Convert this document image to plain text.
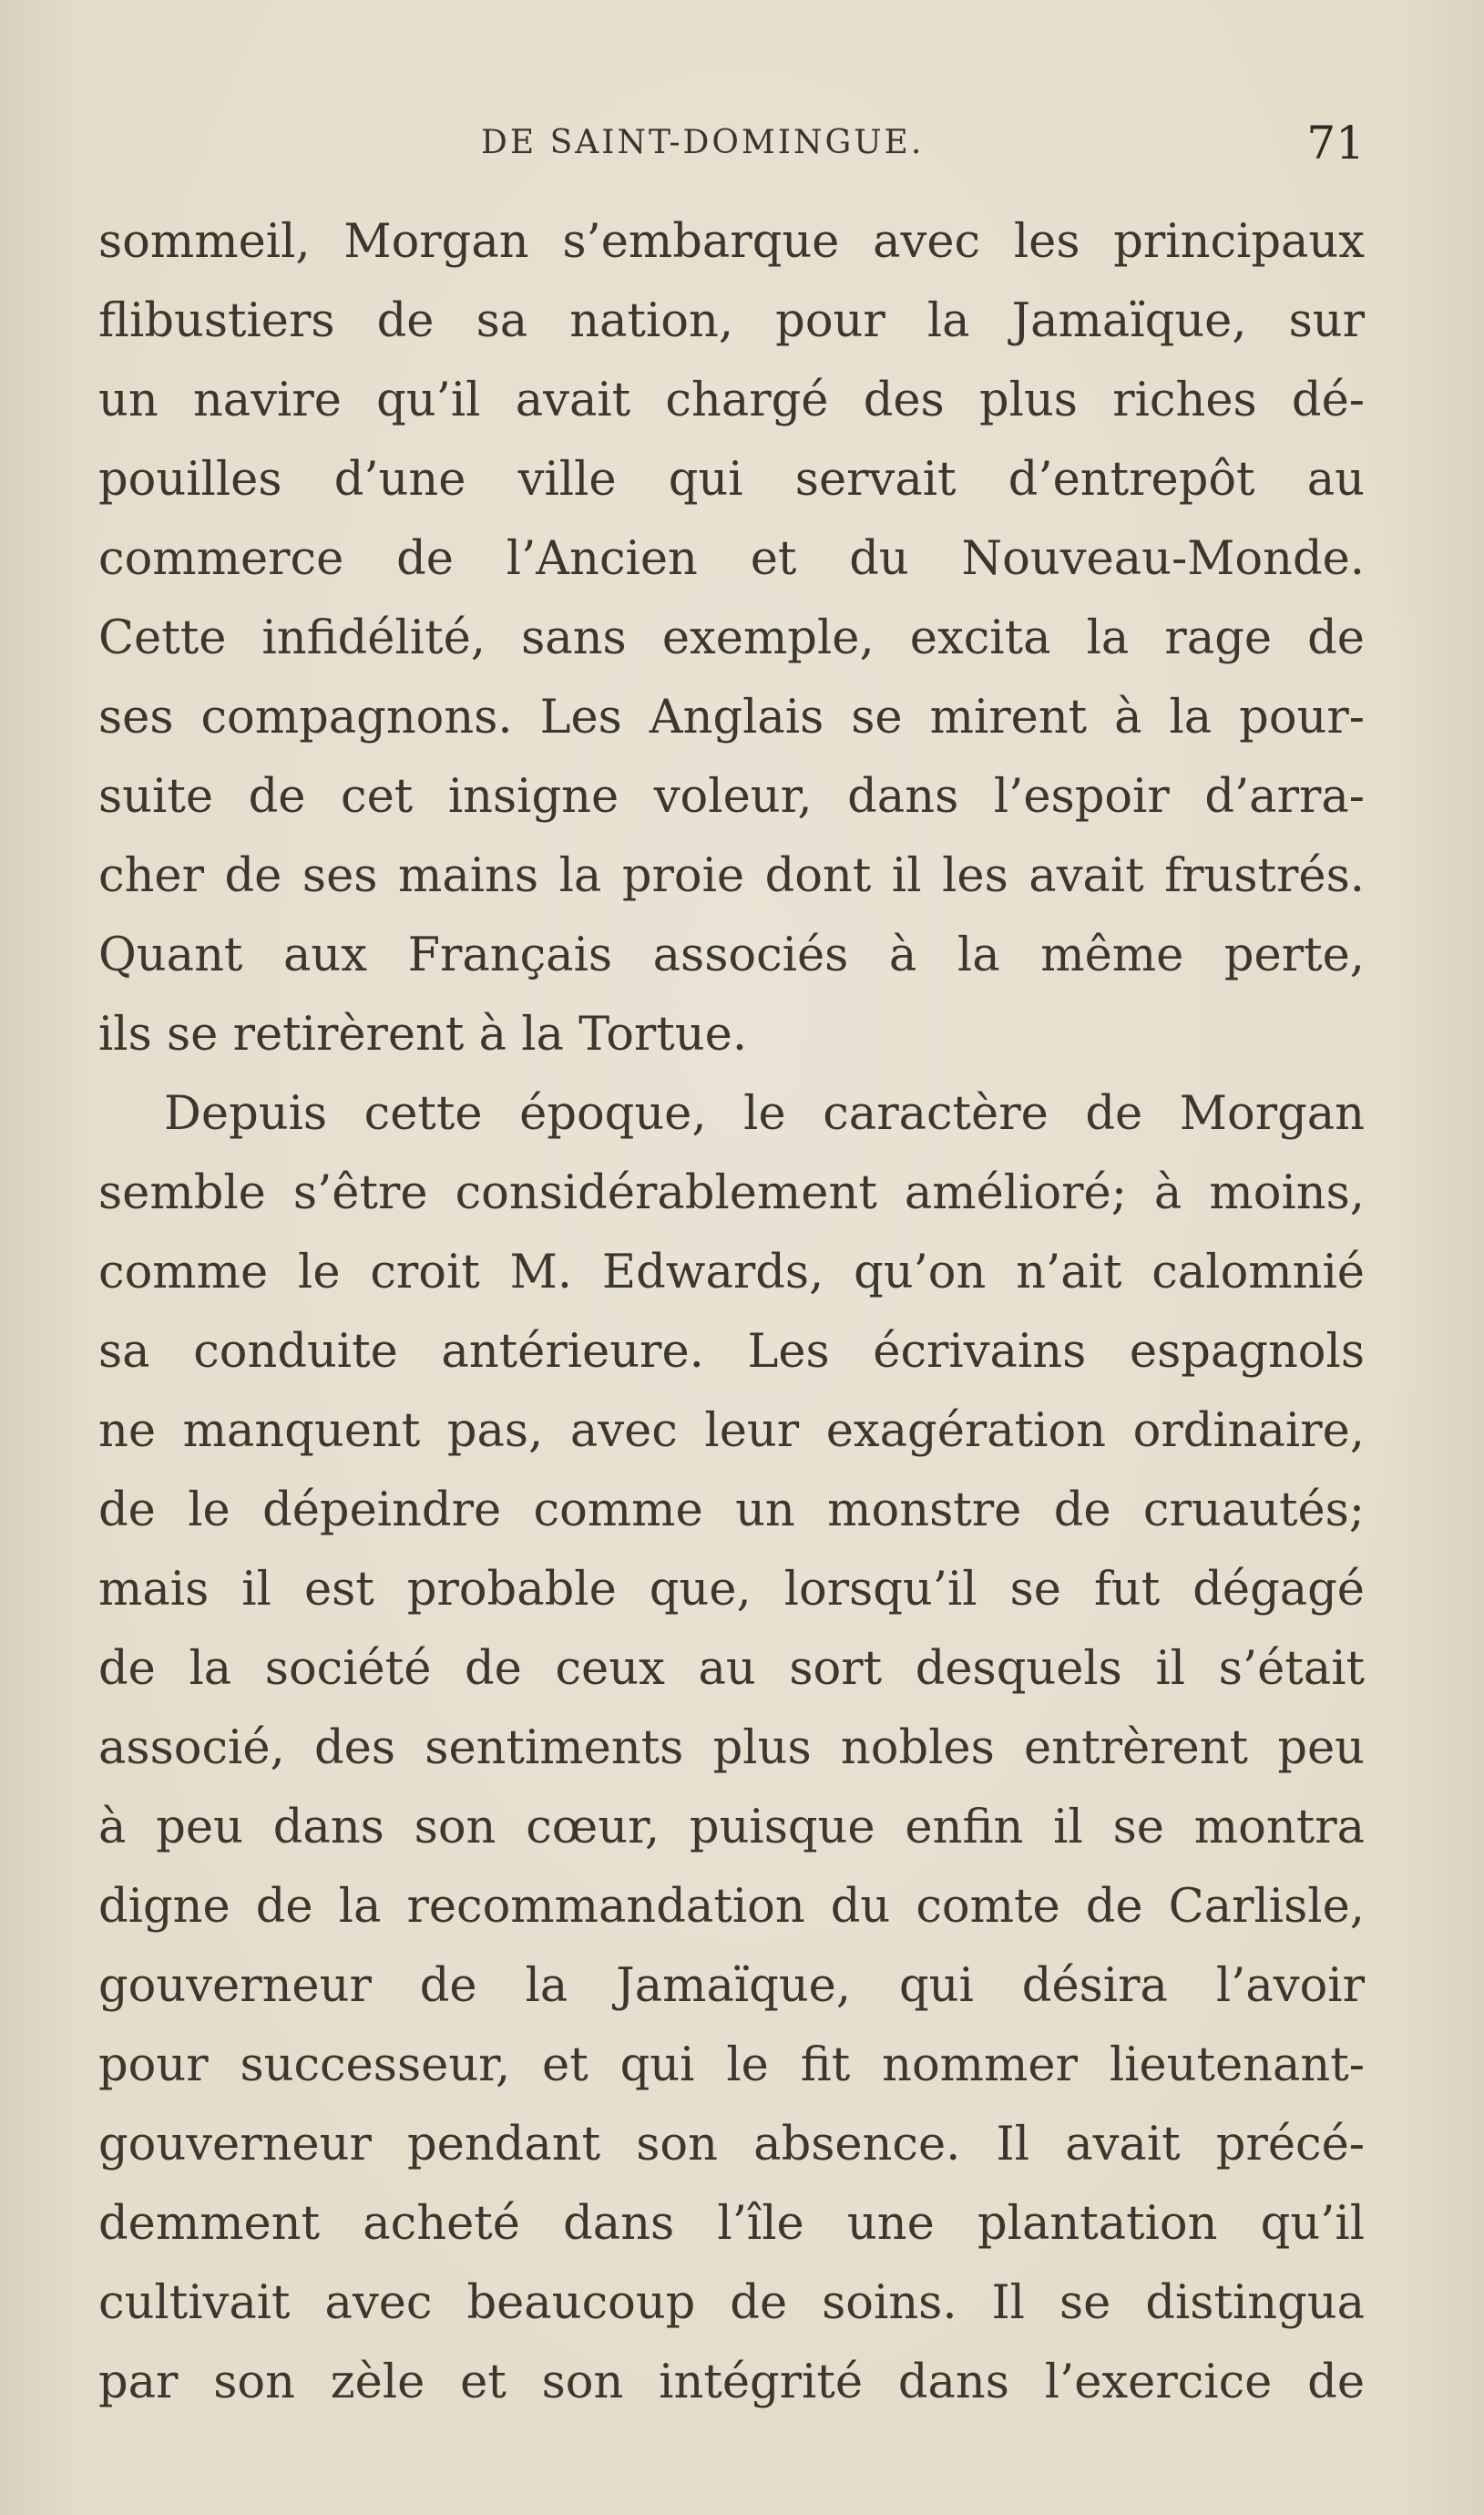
DE SAINT-DOMINGUE.	71
sommeil, Morgan s’embarque avec les principaux
flibustiers de sa nation, pour la Jamaïque, sur
un navire qu’il avait chargé des plus riches dé-
pouilles d’une ville qui servait d’entrepôt au
commerce de l’Ancien et du Nouveau-Monde.
Cette infidélité, sans exemple, excita la rage de
ses compagnons. Les Anglais se mirent à la pour-
suite de cet insigne voleur, dans l’espoir d’arra-
cher de ses mains la proie dont il les avait frustrés.
Quant aux Français associés à la même perte,
ils se retirèrent à la Tortue.
Depuis cette époque, le caractère de Morgan
semble s’être considérablement amélioré; à moins,
comme le croit M. Edwards, qu’on n’ait calomnié
sa conduite antérieure. Les écrivains espagnols
ne manquent pas, avec leur exagération ordinaire,
de le dépeindre comme un monstre de cruautés;
mais il est probable que, lorsqu’il se fut dégagé
de la société de ceux au sort desquels il s’était
associé, des sentiments plus nobles entrèrent peu
à peu dans son cœur, puisque enfin il se montra
digne de la recommandation du comte de Carlisle,
gouverneur de la Jamaïque, qui désira l’avoir
pour successeur, et qui le fit nommer lieutenant-
gouverneur pendant son absence. Il avait précé-
demment acheté dans l’île une plantation qu’il
cultivait avec beaucoup de soins. Il se distingua
par son zèle et son intégrité dans l’exercice de
